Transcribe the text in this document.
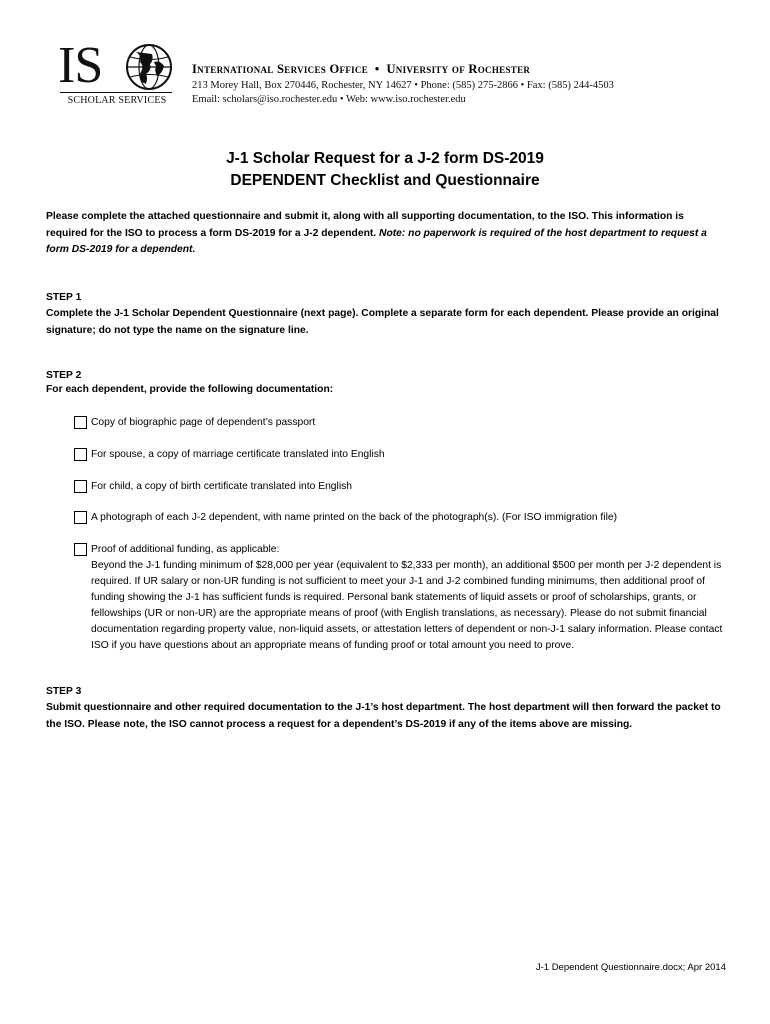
IS
SCHOLAR SERVICES
International Services Office • University of Rochester
213 Morey Hall, Box 270446, Rochester, NY 14627 • Phone: (585) 275-2866 • Fax: (585) 244-4503
Email: scholars@iso.rochester.edu • Web: www.iso.rochester.edu
J-1 Scholar Request for a J-2 form DS-2019
DEPENDENT Checklist and Questionnaire
Please complete the attached questionnaire and submit it, along with all supporting documentation, to the ISO. This information is required for the ISO to process a form DS-2019 for a J-2 dependent. Note: no paperwork is required of the host department to request a form DS-2019 for a dependent.
STEP 1
Complete the J-1 Scholar Dependent Questionnaire (next page). Complete a separate form for each dependent. Please provide an original signature; do not type the name on the signature line.
STEP 2
For each dependent, provide the following documentation:
Copy of biographic page of dependent’s passport
For spouse, a copy of marriage certificate translated into English
For child, a copy of birth certificate translated into English
A photograph of each J-2 dependent, with name printed on the back of the photograph(s). (For ISO immigration file)
Proof of additional funding, as applicable:
Beyond the J-1 funding minimum of $28,000 per year (equivalent to $2,333 per month), an additional $500 per month per J-2 dependent is required. If UR salary or non-UR funding is not sufficient to meet your J-1 and J-2 combined funding minimums, then additional proof of funding showing the J-1 has sufficient funds is required. Personal bank statements of liquid assets or proof of scholarships, grants, or fellowships (UR or non-UR) are the appropriate means of proof (with English translations, as necessary). Please do not submit financial documentation regarding property value, non-liquid assets, or attestation letters of dependent or non-J-1 salary information. Please contact ISO if you have questions about an appropriate means of funding proof or total amount you need to prove.
STEP 3
Submit questionnaire and other required documentation to the J-1’s host department. The host department will then forward the packet to the ISO. Please note, the ISO cannot process a request for a dependent’s DS-2019 if any of the items above are missing.
J-1 Dependent Questionnaire.docx; Apr 2014
